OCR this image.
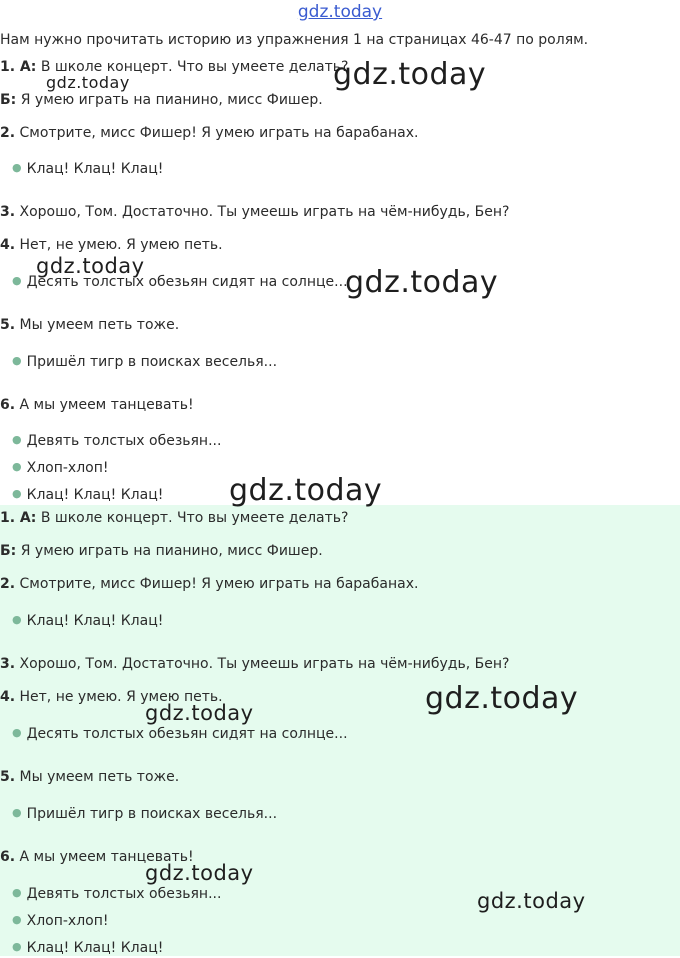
gdz.today
Нам нужно прочитать историю из упражнения 1 на страницах 46-47 по ролям.
1. А: В школе концерт. Что вы умеете делать?
Б: Я умею играть на пианино, мисс Фишер.
2. Смотрите, мисс Фишер! Я умею играть на барабанах.
● Клац! Клац! Клац!
3. Хорошо, Том. Достаточно. Ты умеешь играть на чём-нибудь, Бен?
4. Нет, не умею. Я умею петь.
● Десять толстых обезьян сидят на солнце...
5. Мы умеем петь тоже.
● Пришёл тигр в поисках веселья...
6. А мы умеем танцевать!
● Девять толстых обезьян...
● Хлоп-хлоп!
● Клац! Клац! Клац!
1. А: В школе концерт. Что вы умеете делать?
Б: Я умею играть на пианино, мисс Фишер.
2. Смотрите, мисс Фишер! Я умею играть на барабанах.
● Клац! Клац! Клац!
3. Хорошо, Том. Достаточно. Ты умеешь играть на чём-нибудь, Бен?
4. Нет, не умею. Я умею петь.
● Десять толстых обезьян сидят на солнце...
5. Мы умеем петь тоже.
● Пришёл тигр в поисках веселья...
6. А мы умеем танцевать!
● Девять толстых обезьян...
● Хлоп-хлоп!
● Клац! Клац! Клац!
gdz.today
gdz.today
gdz.today	gdz.today
gdz.today
gdz.today
gdz.today
gdz.today
gdz.today
